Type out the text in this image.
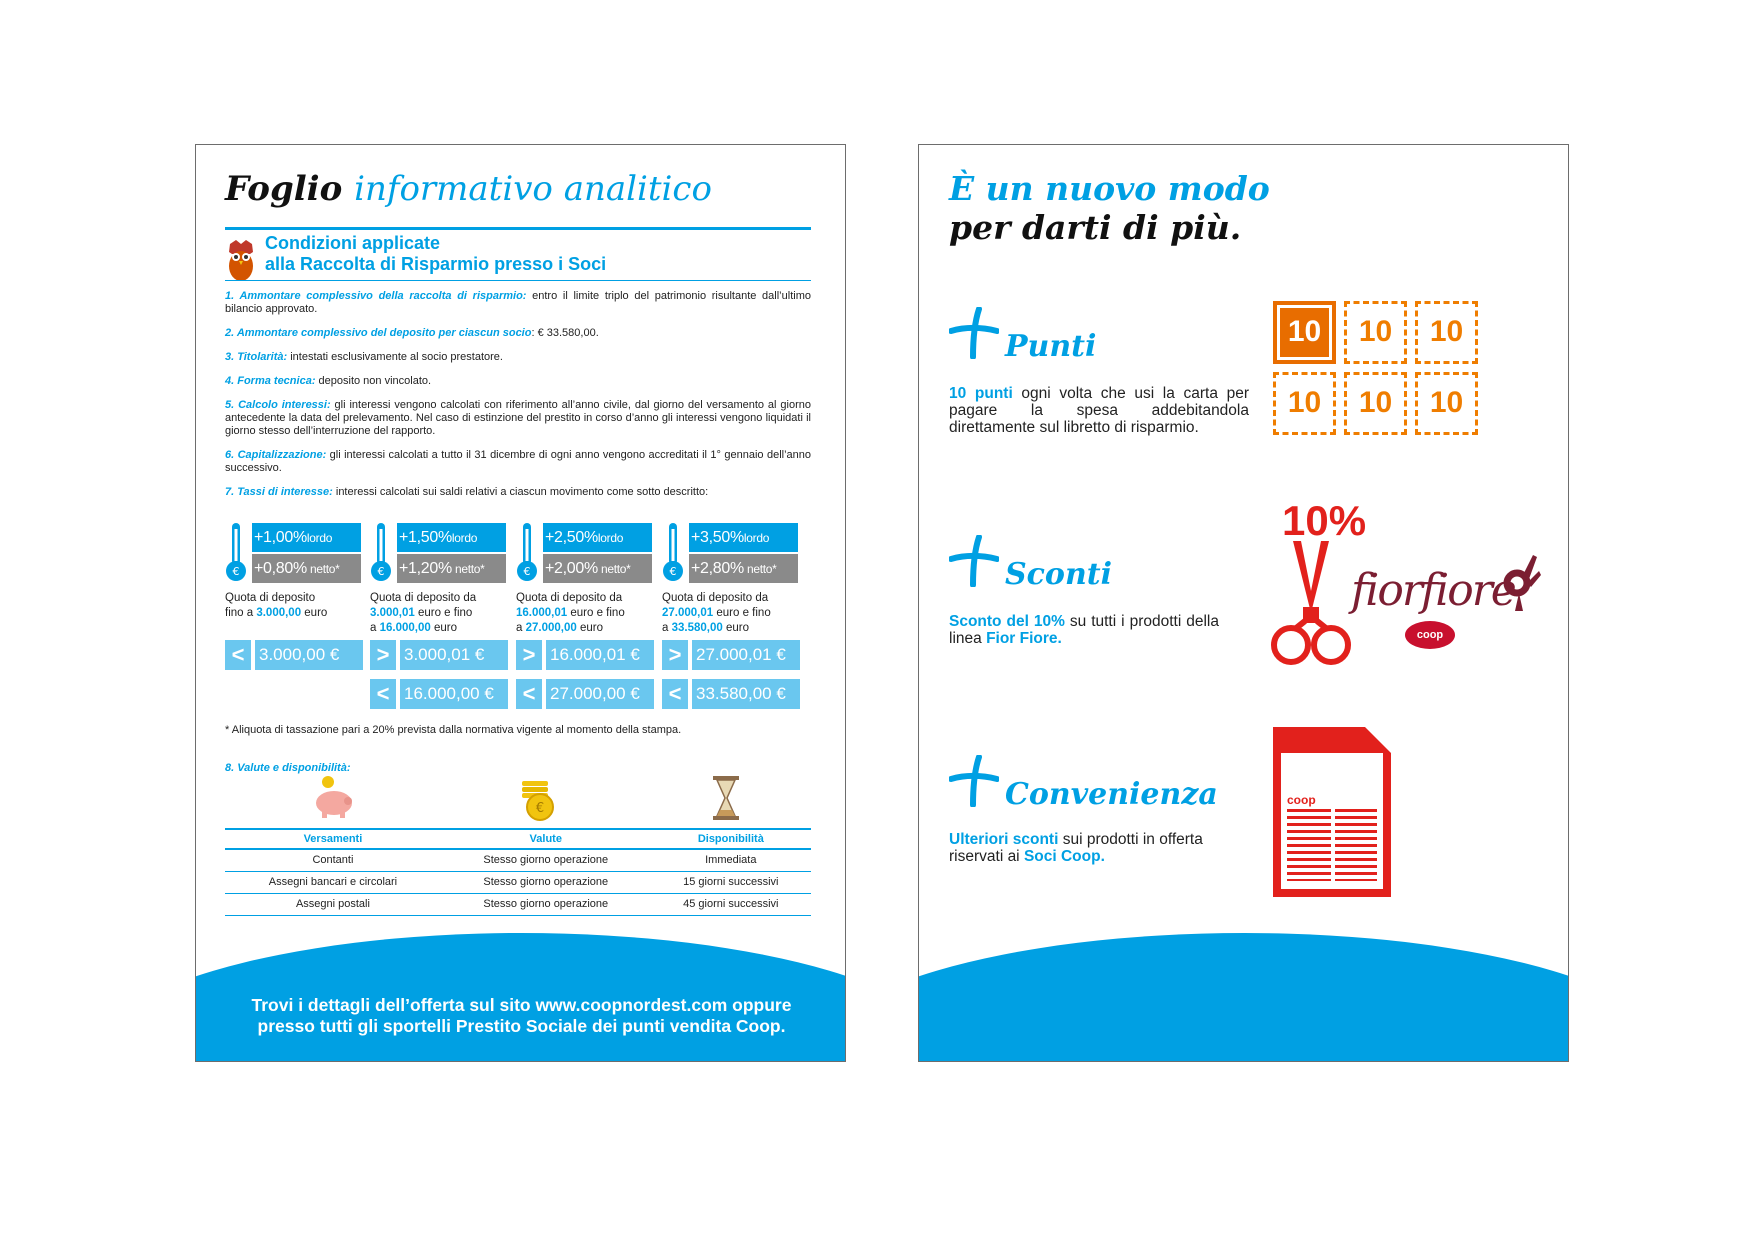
Foglio informativo analitico
Condizioni applicate
alla Raccolta di Risparmio presso i Soci
1. Ammontare complessivo della raccolta di risparmio: entro il limite triplo del patrimonio risultante dall’ultimo bilancio approvato.
2. Ammontare complessivo del deposito per ciascun socio: € 33.580,00.
3. Titolarità: intestati esclusivamente al socio prestatore.
4. Forma tecnica: deposito non vincolato.
5. Calcolo interessi: gli interessi vengono calcolati con riferimento all’anno civile, dal giorno del versamento al giorno antecedente la data del prelevamento. Nel caso di estinzione del prestito in corso d’anno gli interessi vengono liquidati il giorno stesso dell’interruzione del rapporto.
6. Capitalizzazione: gli interessi calcolati a tutto il 31 dicembre di ogni anno vengono accreditati il 1° gennaio dell’anno successivo.
7. Tassi di interesse: interessi calcolati sui saldi relativi a ciascun movimento come sotto descritto:
€
+1,00%lordo
+0,80% netto*
Quota di deposito
fino a 3.000,00 euro
< 3.000,00 €
€
+1,50%lordo
+1,20% netto*
Quota di deposito da
3.000,01 euro e fino
a 16.000,00 euro
> 3.000,01 €
< 16.000,00 €
€
+2,50%lordo
+2,00% netto*
Quota di deposito da
16.000,01 euro e fino
a 27.000,00 euro
> 16.000,01 €
< 27.000,00 €
€
+3,50%lordo
+2,80% netto*
Quota di deposito da
27.000,01 euro e fino
a 33.580,00 euro
> 27.000,01 €
< 33.580,00 €
* Aliquota di tassazione pari a 20% prevista dalla normativa vigente al momento della stampa.
8. Valute e disponibilità:
€
Versamenti	Valute	Disponibilità
Contanti	Stesso giorno operazione	Immediata
Assegni bancari e circolari	Stesso giorno operazione	15 giorni successivi
Assegni postali	Stesso giorno operazione	45 giorni successivi
Trovi i dettagli dell’offerta sul sito www.coopnordest.com oppure
presso tutti gli sportelli Prestito Sociale dei punti vendita Coop.
È un nuovo modo
per darti di più.
Punti
10 punti ogni volta che usi la carta per pagare la spesa addebitandola direttamente sul libretto di risparmio.
10	10	10
10	10	10
Sconti
Sconto del 10% su tutti i prodotti della linea Fior Fiore.
10%
fiorfiore
coop
Convenienza
Ulteriori sconti sui prodotti in offerta riservati ai Soci Coop.
con
coop
